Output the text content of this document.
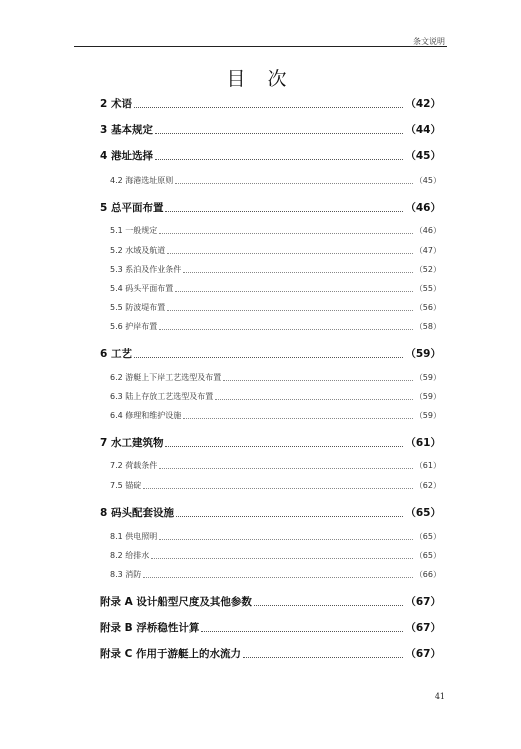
条文说明
目 次
2 术语	（42）
3 基本规定	（44）
4 港址选择	（45）
4.2 海港选址原则	（45）
5 总平面布置	（46）
5.1 一般规定	（46）
5.2 水域及航道	（47）
5.3 系泊及作业条件	（52）
5.4 码头平面布置	（55）
5.5 防波堤布置	（56）
5.6 护岸布置	（58）
6 工艺	（59）
6.2 游艇上下岸工艺选型及布置	（59）
6.3 陆上存放工艺选型及布置	（59）
6.4 修理和维护设施	（59）
7 水工建筑物	（61）
7.2 荷载条件	（61）
7.5 锚碇	（62）
8 码头配套设施	（65）
8.1 供电照明	（65）
8.2 给排水	（65）
8.3 消防	（66）
附录 A 设计船型尺度及其他参数	（67）
附录 B 浮桥稳性计算	（67）
附录 C 作用于游艇上的水流力	（67）
41
